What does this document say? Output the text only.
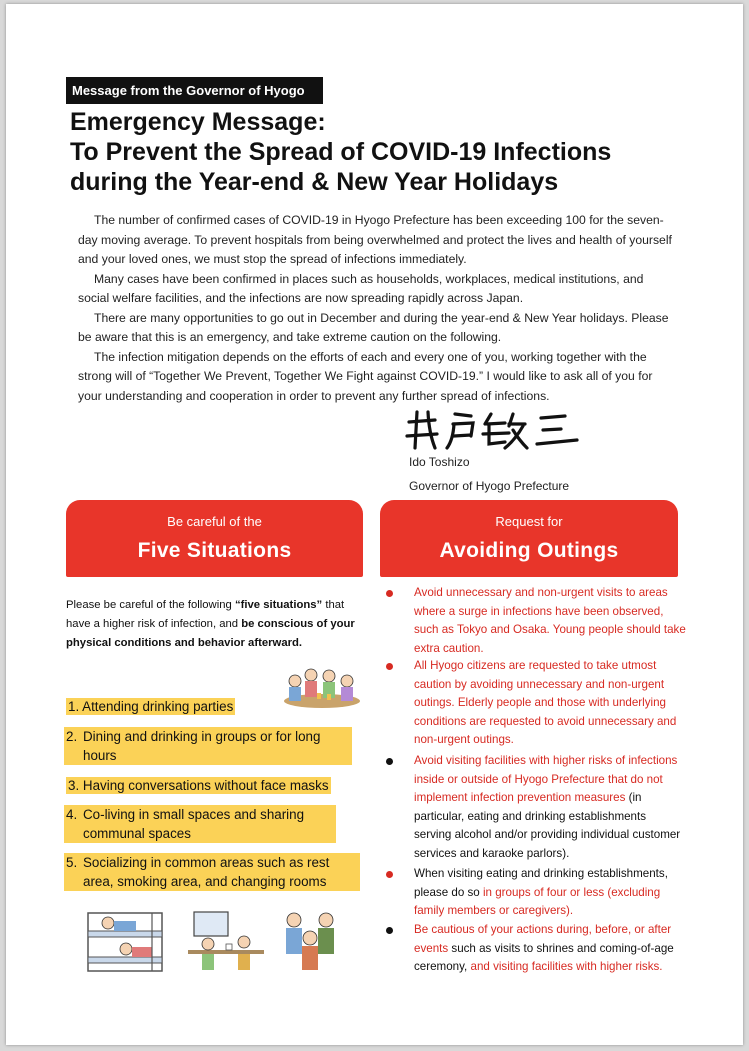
Message from the Governor of Hyogo
Emergency Message:
To Prevent the Spread of COVID-19 Infections
during the Year-end & New Year Holidays

The number of confirmed cases of COVID-19 in Hyogo Prefecture has been exceeding 100 for the seven-day moving average. To prevent hospitals from being overwhelmed and protect the lives and health of yourself and your loved ones, we must stop the spread of infections immediately.

Many cases have been confirmed in places such as households, workplaces, medical institutions, and social welfare facilities, and the infections are now spreading rapidly across Japan.

There are many opportunities to go out in December and during the year-end & New Year holidays. Please be aware that this is an emergency, and take extreme caution on the following.

The infection mitigation depends on the efforts of each and every one of you, working together with the strong will of “Together We Prevent, Together We Fight against COVID-19.” I would like to ask all of you for your understanding and cooperation in order to prevent any further spread of infections.

Ido Toshizo
Governor of Hyogo Prefecture
Be careful of the
Five Situations
Request for
Avoiding Outings
Please be careful of the following “five situations” that have a higher risk of infection, and be conscious of your physical conditions and behavior afterward.
1. Attending drinking parties
2. Dining and drinking in groups or for long hours
3. Having conversations without face masks
4. Co-living in small spaces and sharing communal spaces
5. Socializing in common areas such as rest area, smoking area, and changing rooms
Avoid unnecessary and non-urgent visits to areas where a surge in infections have been observed, such as Tokyo and Osaka. Young people should take extra caution.
All Hyogo citizens are requested to take utmost caution by avoiding unnecessary and non-urgent outings. Elderly people and those with underlying conditions are requested to avoid unnecessary and non-urgent outings.
Avoid visiting facilities with higher risks of infections inside or outside of Hyogo Prefecture that do not implement infection prevention measures (in particular, eating and drinking establishments serving alcohol and/or providing individual customer services and karaoke parlors).
When visiting eating and drinking establishments, please do so in groups of four or less (excluding family members or caregivers).
Be cautious of your actions during, before, or after events such as visits to shrines and coming-of-age ceremony, and visiting facilities with higher risks.
